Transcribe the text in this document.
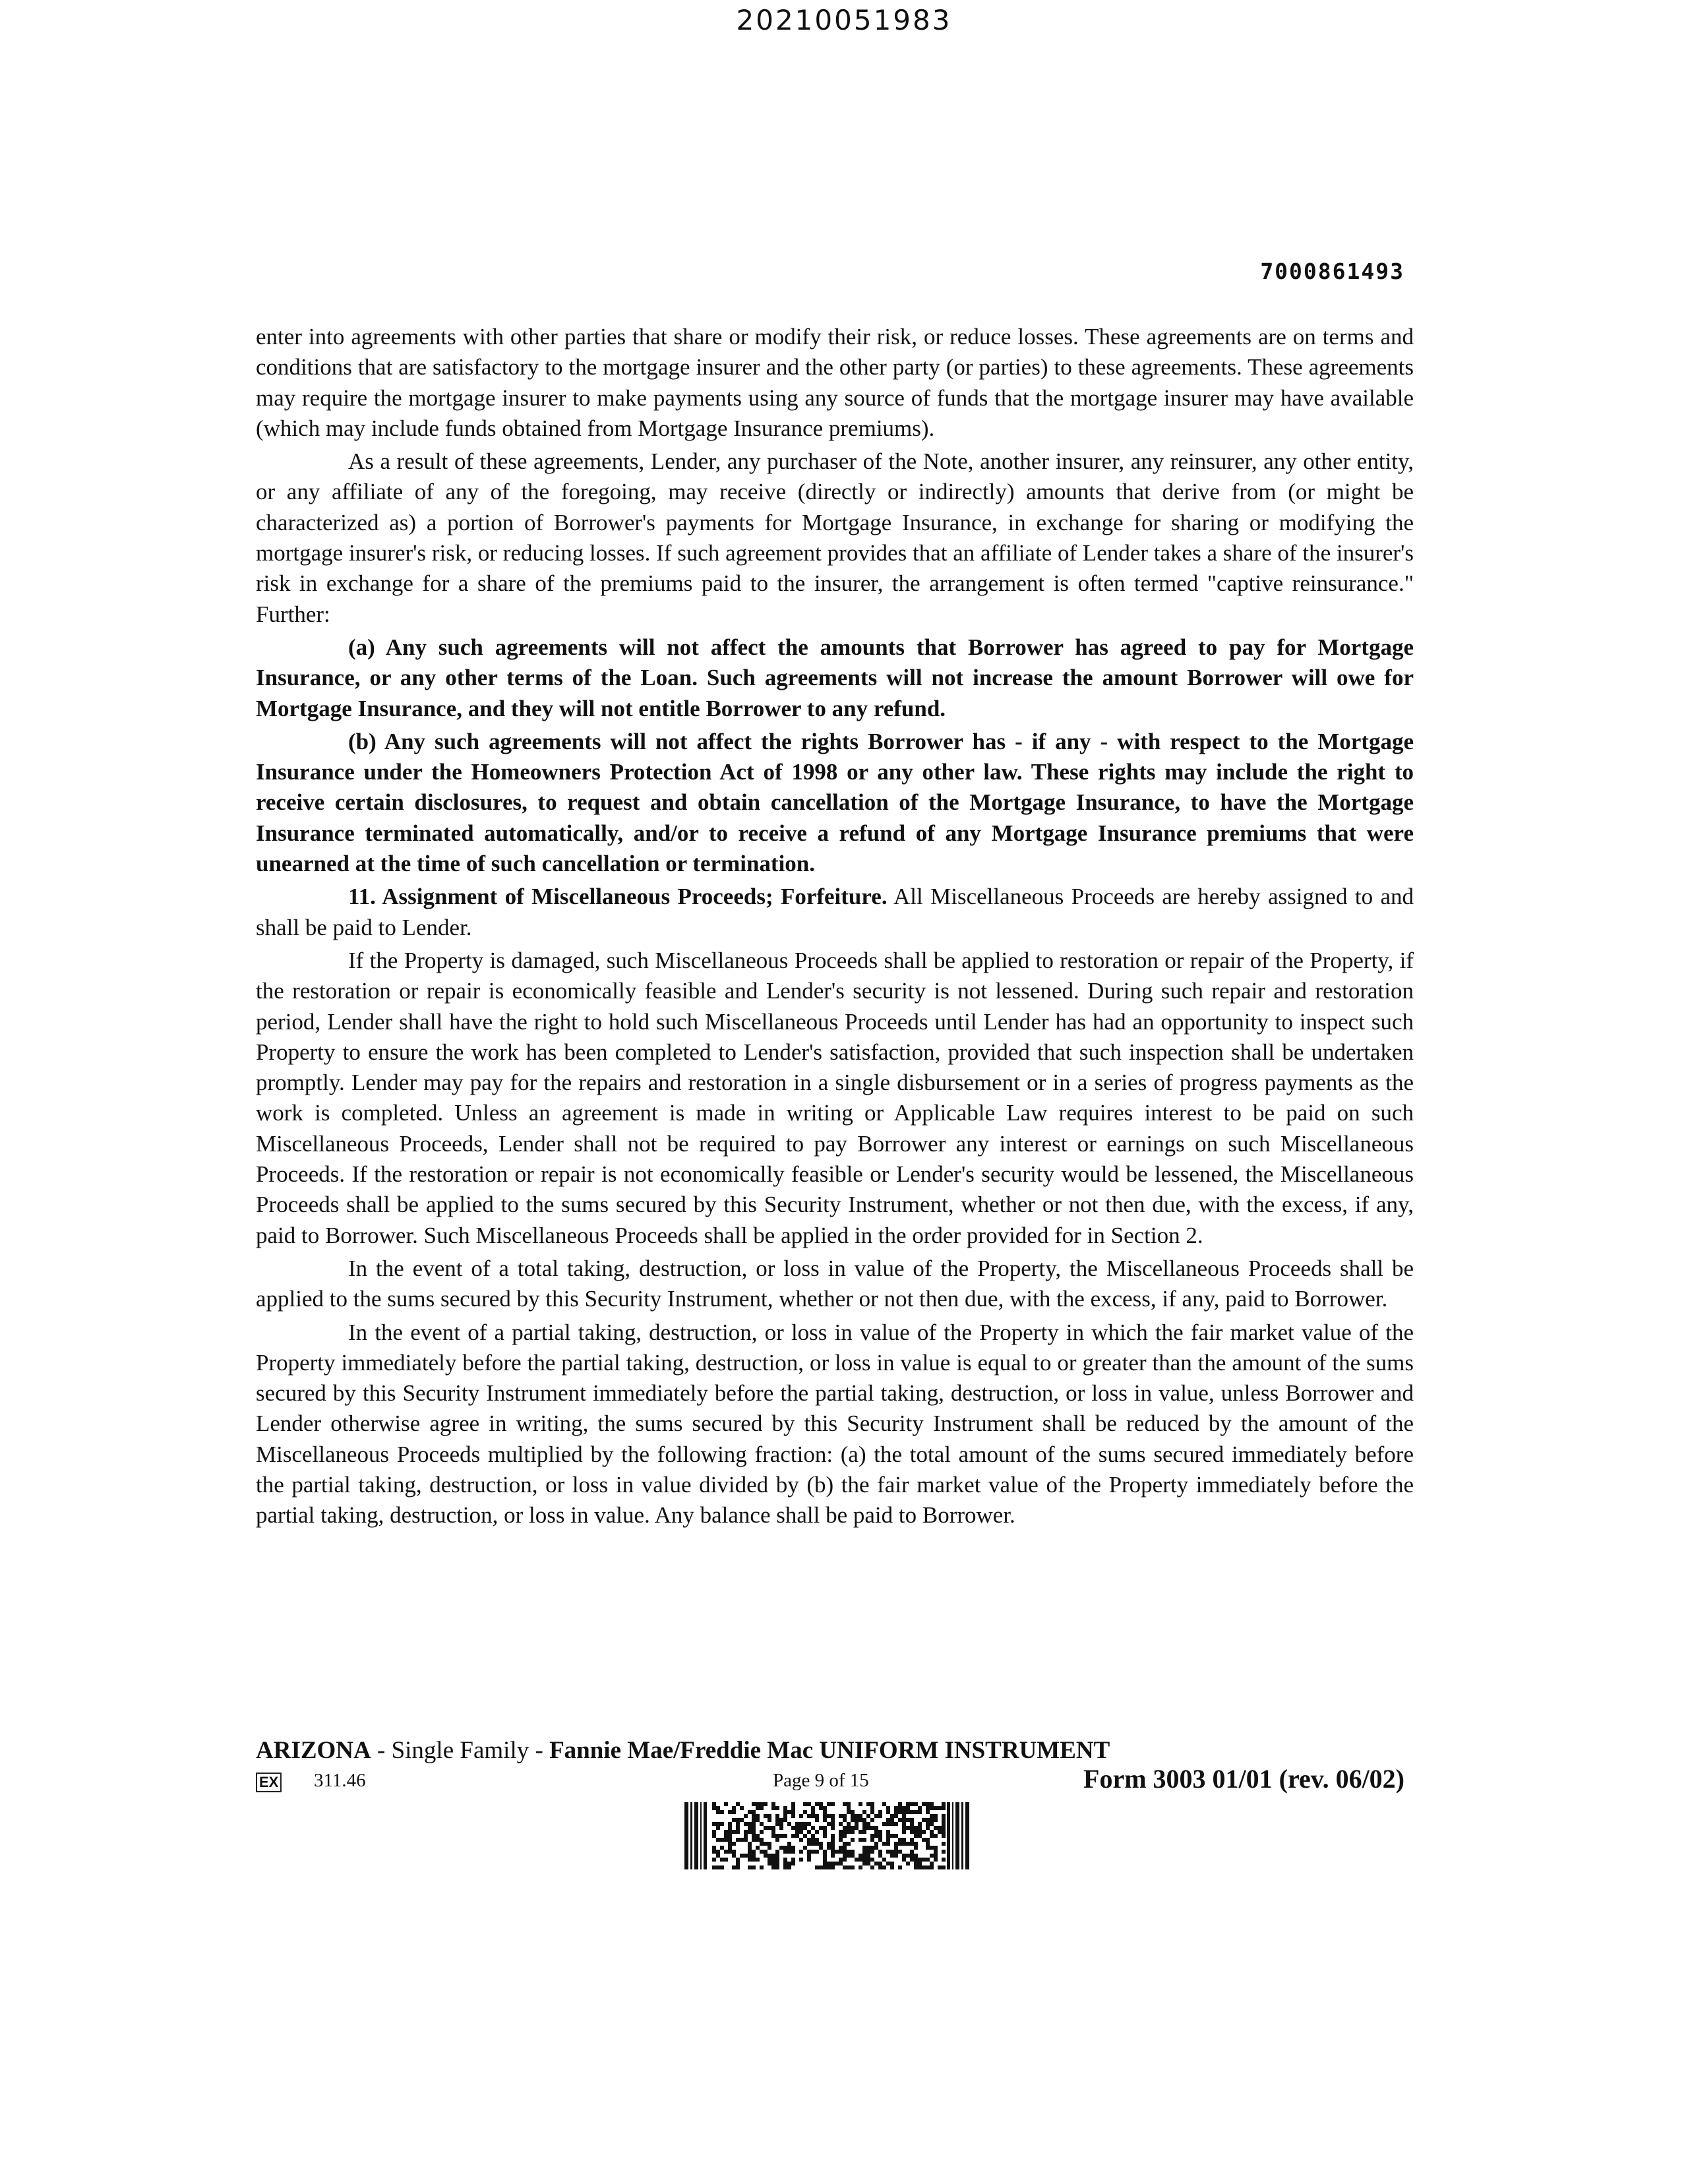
20210051983
7000861493

enter into agreements with other parties that share or modify their risk, or reduce losses. These agreements are on terms and conditions that are satisfactory to the mortgage insurer and the other party (or parties) to these agreements. These agreements may require the mortgage insurer to make payments using any source of funds that the mortgage insurer may have available (which may include funds obtained from Mortgage Insurance premiums).

As a result of these agreements, Lender, any purchaser of the Note, another insurer, any reinsurer, any other entity, or any affiliate of any of the foregoing, may receive (directly or indirectly) amounts that derive from (or might be characterized as) a portion of Borrower's payments for Mortgage Insurance, in exchange for sharing or modifying the mortgage insurer's risk, or reducing losses. If such agreement provides that an affiliate of Lender takes a share of the insurer's risk in exchange for a share of the premiums paid to the insurer, the arrangement is often termed "captive reinsurance." Further:

(a) Any such agreements will not affect the amounts that Borrower has agreed to pay for Mortgage Insurance, or any other terms of the Loan. Such agreements will not increase the amount Borrower will owe for Mortgage Insurance, and they will not entitle Borrower to any refund.

(b) Any such agreements will not affect the rights Borrower has - if any - with respect to the Mortgage Insurance under the Homeowners Protection Act of 1998 or any other law. These rights may include the right to receive certain disclosures, to request and obtain cancellation of the Mortgage Insurance, to have the Mortgage Insurance terminated automatically, and/or to receive a refund of any Mortgage Insurance premiums that were unearned at the time of such cancellation or termination.

11. Assignment of Miscellaneous Proceeds; Forfeiture. All Miscellaneous Proceeds are hereby assigned to and shall be paid to Lender.

If the Property is damaged, such Miscellaneous Proceeds shall be applied to restoration or repair of the Property, if the restoration or repair is economically feasible and Lender's security is not lessened. During such repair and restoration period, Lender shall have the right to hold such Miscellaneous Proceeds until Lender has had an opportunity to inspect such Property to ensure the work has been completed to Lender's satisfaction, provided that such inspection shall be undertaken promptly. Lender may pay for the repairs and restoration in a single disbursement or in a series of progress payments as the work is completed. Unless an agreement is made in writing or Applicable Law requires interest to be paid on such Miscellaneous Proceeds, Lender shall not be required to pay Borrower any interest or earnings on such Miscellaneous Proceeds. If the restoration or repair is not economically feasible or Lender's security would be lessened, the Miscellaneous Proceeds shall be applied to the sums secured by this Security Instrument, whether or not then due, with the excess, if any, paid to Borrower. Such Miscellaneous Proceeds shall be applied in the order provided for in Section 2.

In the event of a total taking, destruction, or loss in value of the Property, the Miscellaneous Proceeds shall be applied to the sums secured by this Security Instrument, whether or not then due, with the excess, if any, paid to Borrower.

In the event of a partial taking, destruction, or loss in value of the Property in which the fair market value of the Property immediately before the partial taking, destruction, or loss in value is equal to or greater than the amount of the sums secured by this Security Instrument immediately before the partial taking, destruction, or loss in value, unless Borrower and Lender otherwise agree in writing, the sums secured by this Security Instrument shall be reduced by the amount of the Miscellaneous Proceeds multiplied by the following fraction: (a) the total amount of the sums secured immediately before the partial taking, destruction, or loss in value divided by (b) the fair market value of the Property immediately before the partial taking, destruction, or loss in value. Any balance shall be paid to Borrower.

ARIZONA - Single Family - Fannie Mae/Freddie Mac UNIFORM INSTRUMENT
EX 311.46	Page 9 of 15	Form 3003 01/01 (rev. 06/02)
